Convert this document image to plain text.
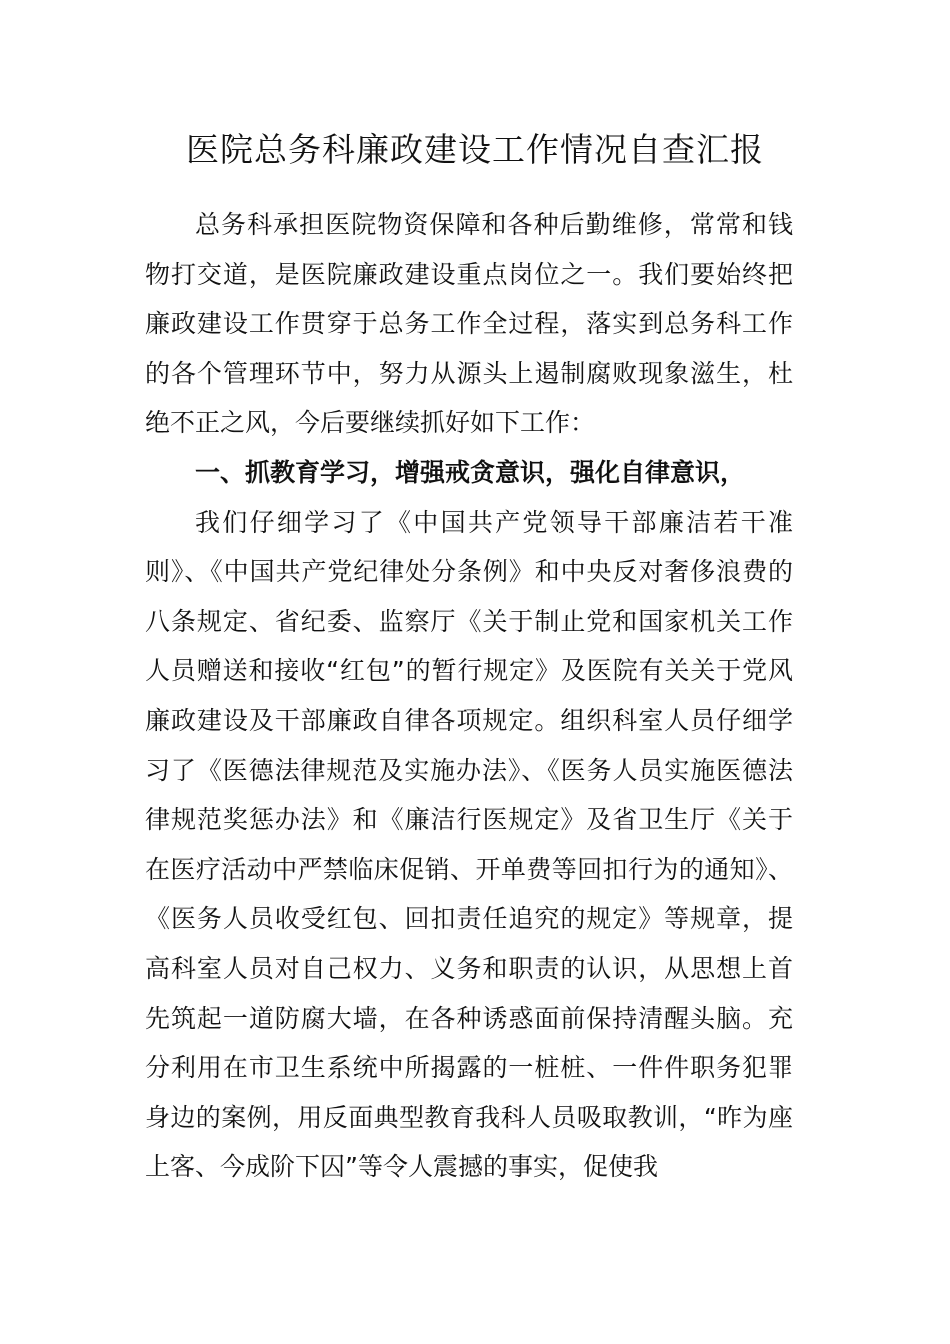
医院总务科廉政建设工作情况自查汇报

总务科承担医院物资保障和各种后勤维修，常常和钱物打交道，是医院廉政建设重点岗位之一。我们要始终把廉政建设工作贯穿于总务工作全过程，落实到总务科工作的各个管理环节中，努力从源头上遏制腐败现象滋生，杜绝不正之风，今后要继续抓好如下工作：

一、抓教育学习，增强戒贪意识，强化自律意识，

我们仔细学习了《中国共产党领导干部廉洁若干准则》、《中国共产党纪律处分条例》和中央反对奢侈浪费的八条规定、省纪委、监察厅《关于制止党和国家机关工作人员赠送和接收“红包”的暂行规定》及医院有关关于党风廉政建设及干部廉政自律各项规定。组织科室人员仔细学习了《医德法律规范及实施办法》、《医务人员实施医德法律规范奖惩办法》和《廉洁行医规定》及省卫生厅《关于在医疗活动中严禁临床促销、开单费等回扣行为的通知》、《医务人员收受红包、回扣责任追究的规定》等规章，提高科室人员对自己权力、义务和职责的认识，从思想上首先筑起一道防腐大墙，在各种诱惑面前保持清醒头脑。充分利用在市卫生系统中所揭露的一桩桩、一件件职务犯罪身边的案例，用反面典型教育我科人员吸取教训，“昨为座上客、今成阶下囚”等令人震撼的事实，促使我
